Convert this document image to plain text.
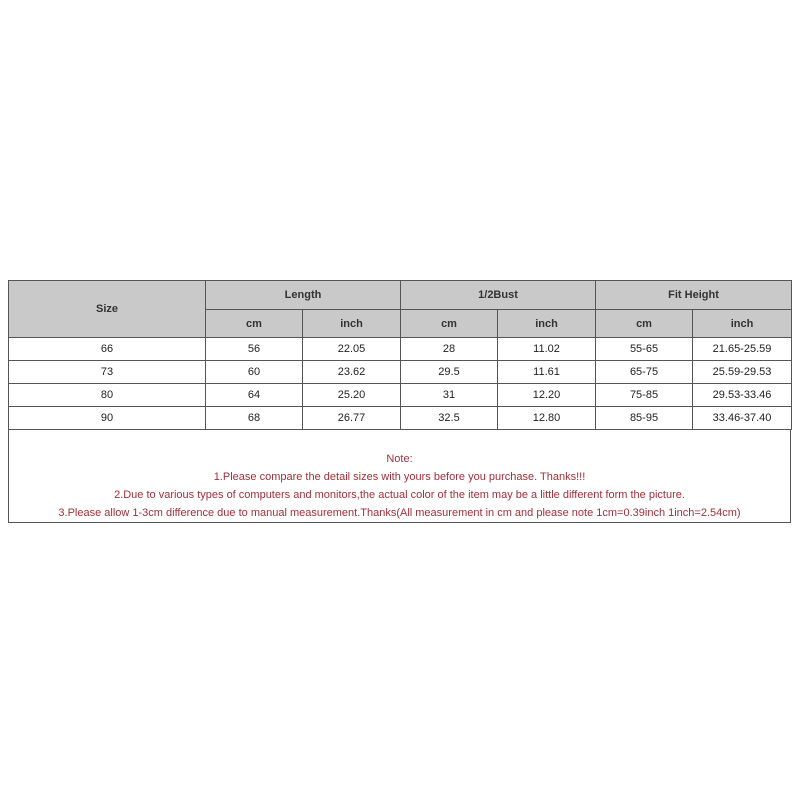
Size	Length		1/2Bust		Fit Height	
	cm	inch	cm	inch	cm	inch
66	56	22.05	28	11.02	55-65	21.65-25.59
73	60	23.62	29.5	11.61	65-75	25.59-29.53
80	64	25.20	31	12.20	75-85	29.53-33.46
90	68	26.77	32.5	12.80	85-95	33.46-37.40
Note:
1.Please compare the detail sizes with yours before you purchase. Thanks!!!
2.Due to various types of computers and monitors,the actual color of the item may be a little different form the picture.
3.Please allow 1-3cm difference due to manual measurement.Thanks(All measurement in cm and please note 1cm=0.39inch 1inch=2.54cm)
